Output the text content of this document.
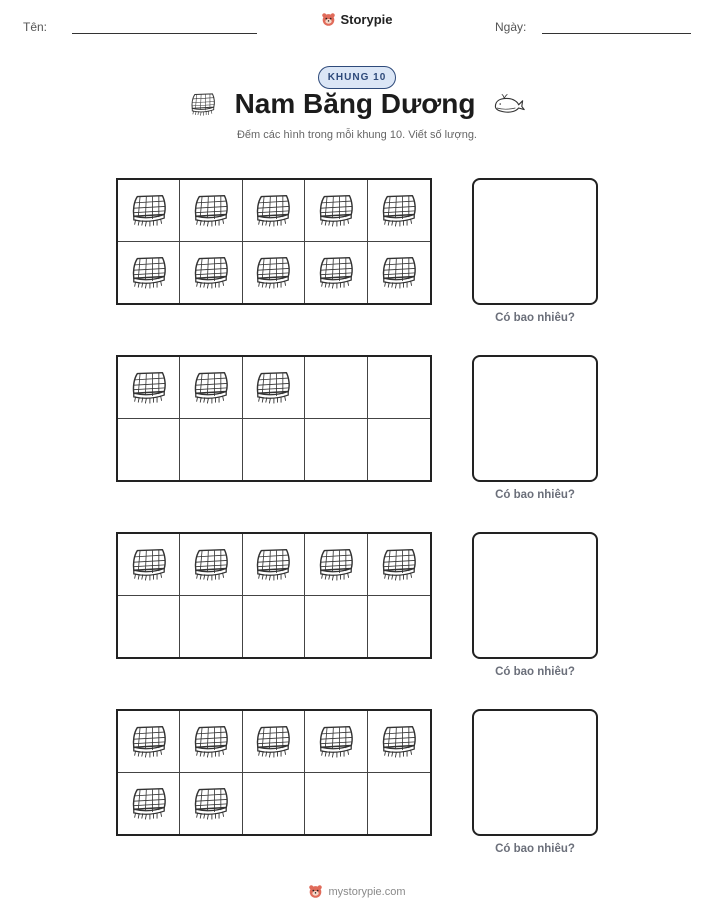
Tên:	Storypie	Ngày:
KHUNG 10
Nam Băng Dương
Đếm các hình trong mỗi khung 10. Viết số lượng.
Có bao nhiêu?
Có bao nhiêu?
Có bao nhiêu?
Có bao nhiêu?
mystorypie.com
